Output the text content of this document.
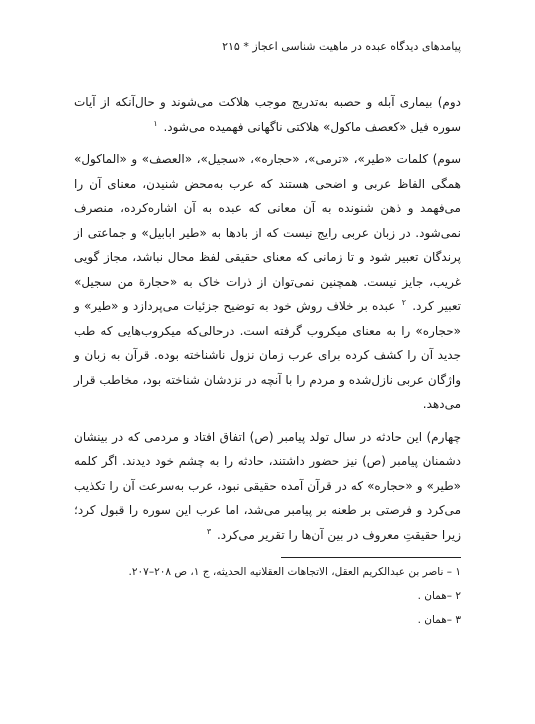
پیامدهای دیدگاه عبده در ماهیت شناسی اعجاز * ۲۱۵

دوم) بیماری آبله و حصبه به‌تدریج موجب هلاکت می‌شوند و حال‌آنکه از آیات سوره فیل «کعصف ماکول» هلاکتی ناگهانی فهمیده می‌شود. $^۱$

سوم) کلمات «طیر»، «ترمی»، «حجاره»، «سجیل»، «العصف» و «الماکول» همگی الفاظ عربی و اضحی هستند که عرب به‌محض شنیدن، معنای آن را می‌فهمد و ذهن شنونده به آن معانی که عبده به آن اشاره‌کرده، منصرف نمی‌شود. در زبان عربی رایج نیست که از بادها به «طیر ابابیل» و جماعتی از پرندگان تعبیر شود و تا زمانی که معنای حقیقی لفظ محال نباشد، مجاز گویی غریب، جایز نیست. همچنین نمی‌توان از ذرات خاک به «حجارة من سجیل» تعبیر کرد. $^۲$ عبده بر خلاف روش خود به توضیح جزئیات می‌پردازد و «طیر» و «حجاره» را به معنای میکروب گرفته است. درحالی‌که میکروب‌هایی که طب جدید آن را کشف کرده برای عرب زمان نزول ناشناخته بوده. قرآن به زبان و واژگان عربی نازل‌شده و مردم را با آنچه در نزدشان شناخته بود، مخاطب قرار می‌دهد.

چهارم) این حادثه در سال تولد پیامبر (ص) اتفاق افتاد و مردمی که در بینشان دشمنان پیامبر (ص) نیز حضور داشتند، حادثه را به چشم خود دیدند. اگر کلمه «طیر» و «حجاره» که در قرآن آمده حقیقی نبود، عرب به‌سرعت آن را تکذیب می‌کرد و فرصتی بر طعنه بر پیامبر می‌شد، اما عرب این سوره را قبول کرد؛ زیرا حقیقتِ معروف در بین آن‌ها را تقریر می‌کرد. $^۳$

۱ – ناصر بن عبدالکریم العقل، الاتجاهات العقلانیه الحدیثه، ج ۱، ص ۲۰۸–۲۰۷.

۲ –همان .

۳ –همان .
